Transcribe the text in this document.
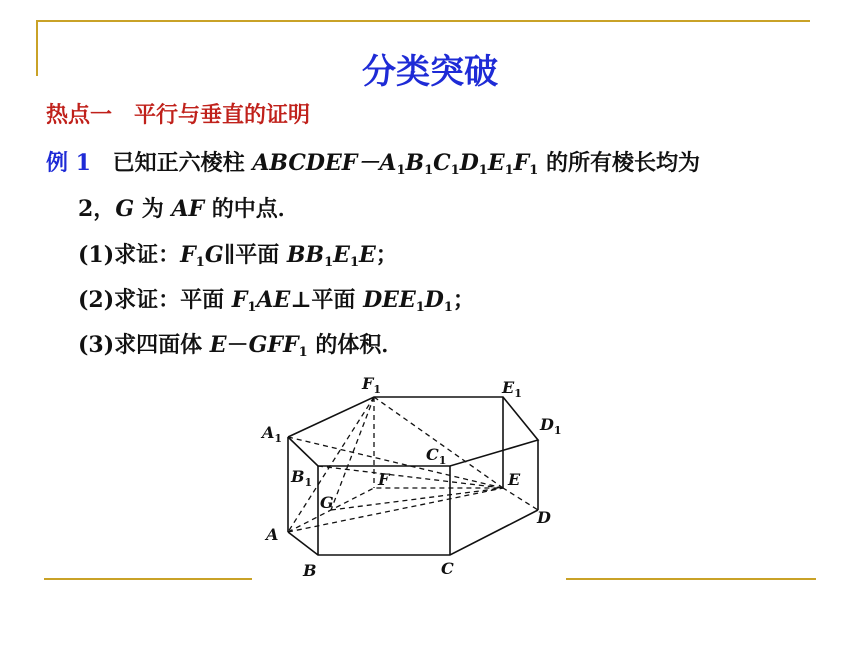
分类突破
热点一　平行与垂直的证明
例 1 已知正六棱柱 $ABCDEF-A_1B_1C_1D_1E_1F_1$ 的所有棱长均为
2，G 为 AF 的中点．
(1)求证：$F_1G\parallel$平面 $BB_1E_1E$；
(2)求证：平面 $F_1AE\perp$平面 $DEE_1D_1$；
(3)求四面体 $E-GFF_1$ 的体积．
$F_1$	$E_1$
$A_1$
$D_1$
$C_1$
$B_1$	F	E
G
D
A
B	C
